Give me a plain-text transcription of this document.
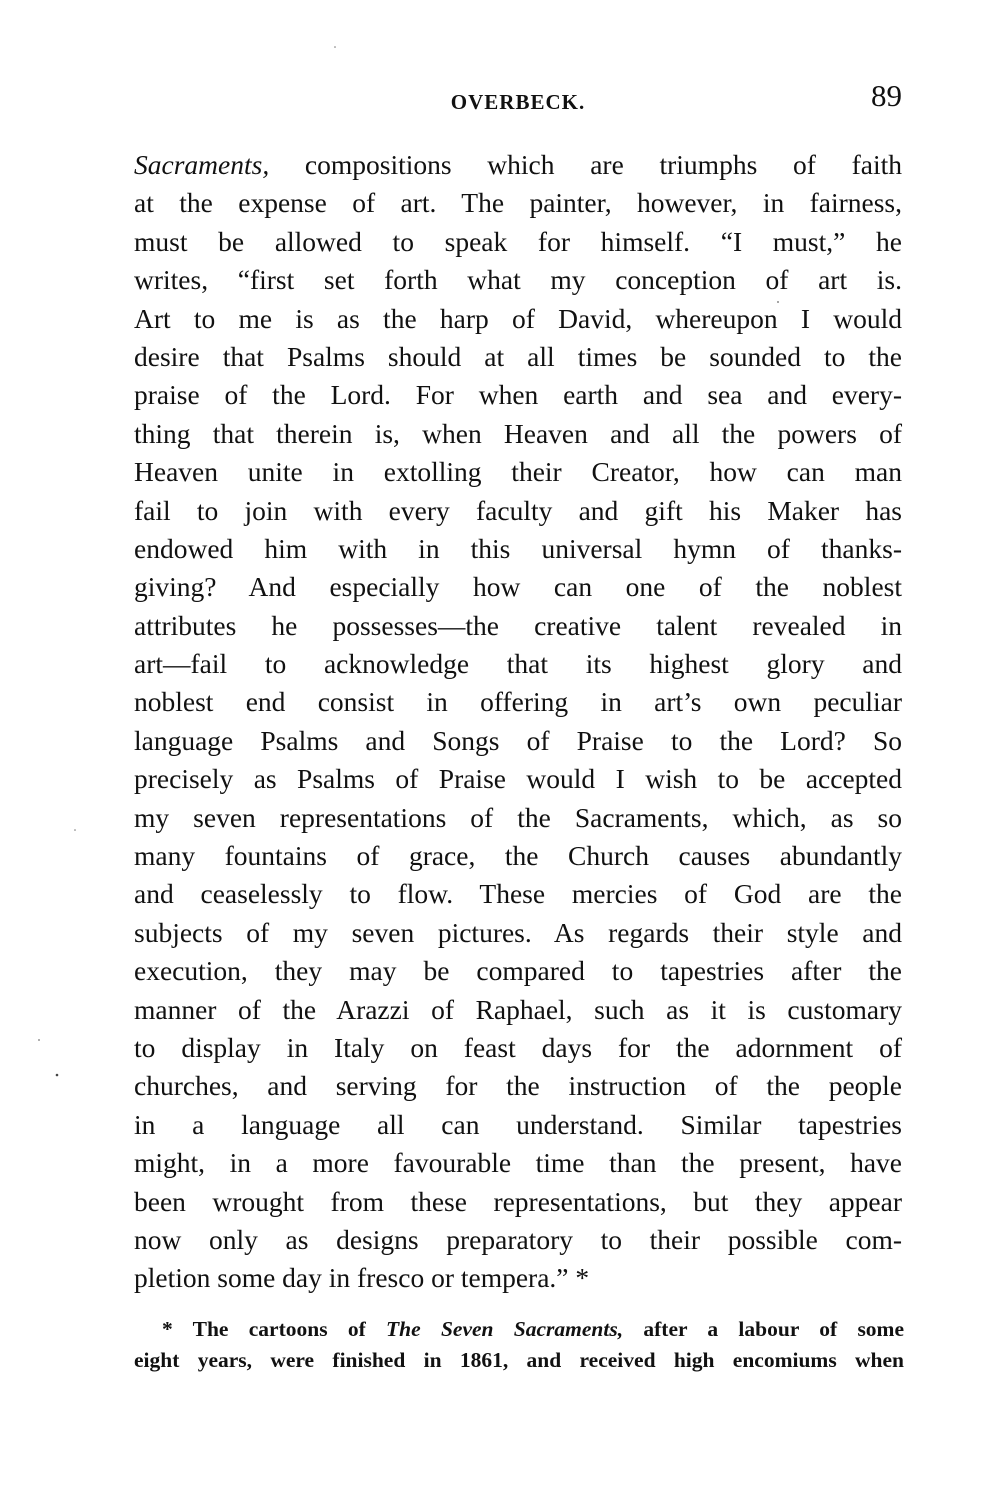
OVERBECK.	89
Sacraments, compositions which are triumphs of faith
at the expense of art. The painter, however, in fairness,
must be allowed to speak for himself. “I must,” he
writes, “first set forth what my conception of art is.
Art to me is as the harp of David, whereupon I would
desire that Psalms should at all times be sounded to the
praise of the Lord. For when earth and sea and every-
thing that therein is, when Heaven and all the powers of
Heaven unite in extolling their Creator, how can man
fail to join with every faculty and gift his Maker has
endowed him with in this universal hymn of thanks-
giving? And especially how can one of the noblest
attributes he possesses—the creative talent revealed in
art—fail to acknowledge that its highest glory and
noblest end consist in offering in art’s own peculiar
language Psalms and Songs of Praise to the Lord? So
precisely as Psalms of Praise would I wish to be accepted
my seven representations of the Sacraments, which, as so
many fountains of grace, the Church causes abundantly
and ceaselessly to flow. These mercies of God are the
subjects of my seven pictures. As regards their style and
execution, they may be compared to tapestries after the
manner of the Arazzi of Raphael, such as it is customary
to display in Italy on feast days for the adornment of
churches, and serving for the instruction of the people
in a language all can understand. Similar tapestries
might, in a more favourable time than the present, have
been wrought from these representations, but they appear
now only as designs preparatory to their possible com-
pletion some day in fresco or tempera.” *
* The cartoons of The Seven Sacraments, after a labour of some
eight years, were finished in 1861, and received high encomiums when
